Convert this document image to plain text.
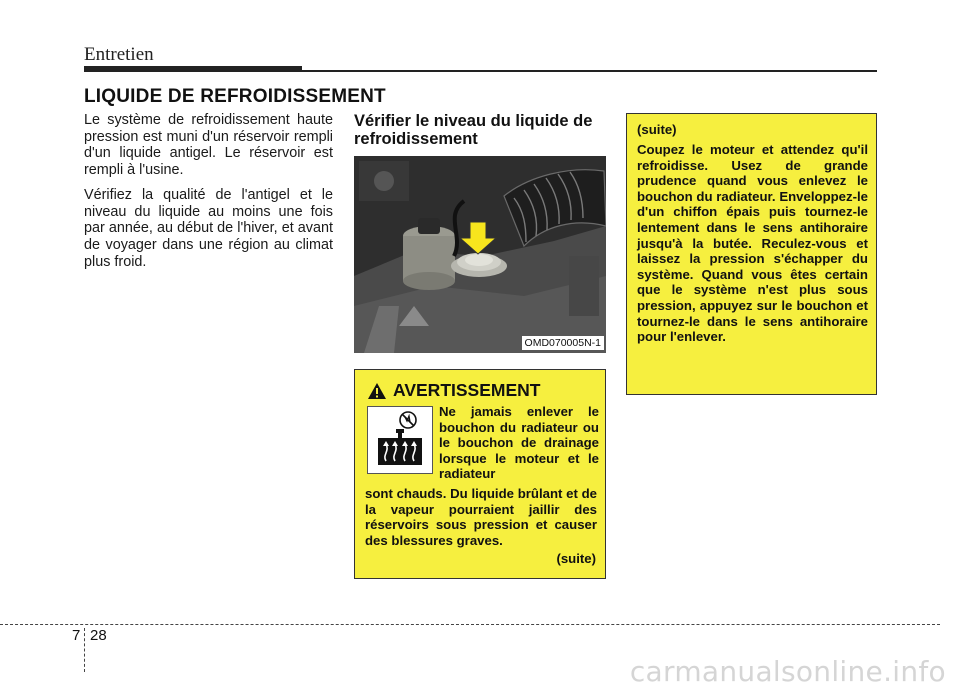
Entretien
LIQUIDE DE REFROIDISSEMENT

Le système de refroidissement haute pression est muni d'un réservoir rempli d'un liquide antigel. Le réservoir est rempli à l'usine.

Vérifiez la qualité de l'antigel et le niveau du liquide au moins une fois par année, au début de l'hiver, et avant de voyager dans une région au climat plus froid.

Vérifier le niveau du liquide de refroidissement
OMD070005N-1
AVERTISSEMENT
Ne jamais enlever le bouchon du radiateur ou le bouchon de drainage lorsque le moteur et le radiateur
sont chauds. Du liquide brûlant et de la vapeur pourraient jaillir des réservoirs sous pression et causer des blessures graves.
(suite)
(suite)
Coupez le moteur et attendez qu'il refroidisse. Usez de grande prudence quand vous enlevez le bouchon du radiateur. Enveloppez-le d'un chiffon épais puis tournez-le lentement dans le sens antihoraire jusqu'à la butée. Reculez-vous et laissez la pression s'échapper du système. Quand vous êtes certain que le système n'est plus sous pression, appuyez sur le bouchon et tournez-le dans le sens antihoraire pour l'enlever.
7 28
carmanualsonline.info
